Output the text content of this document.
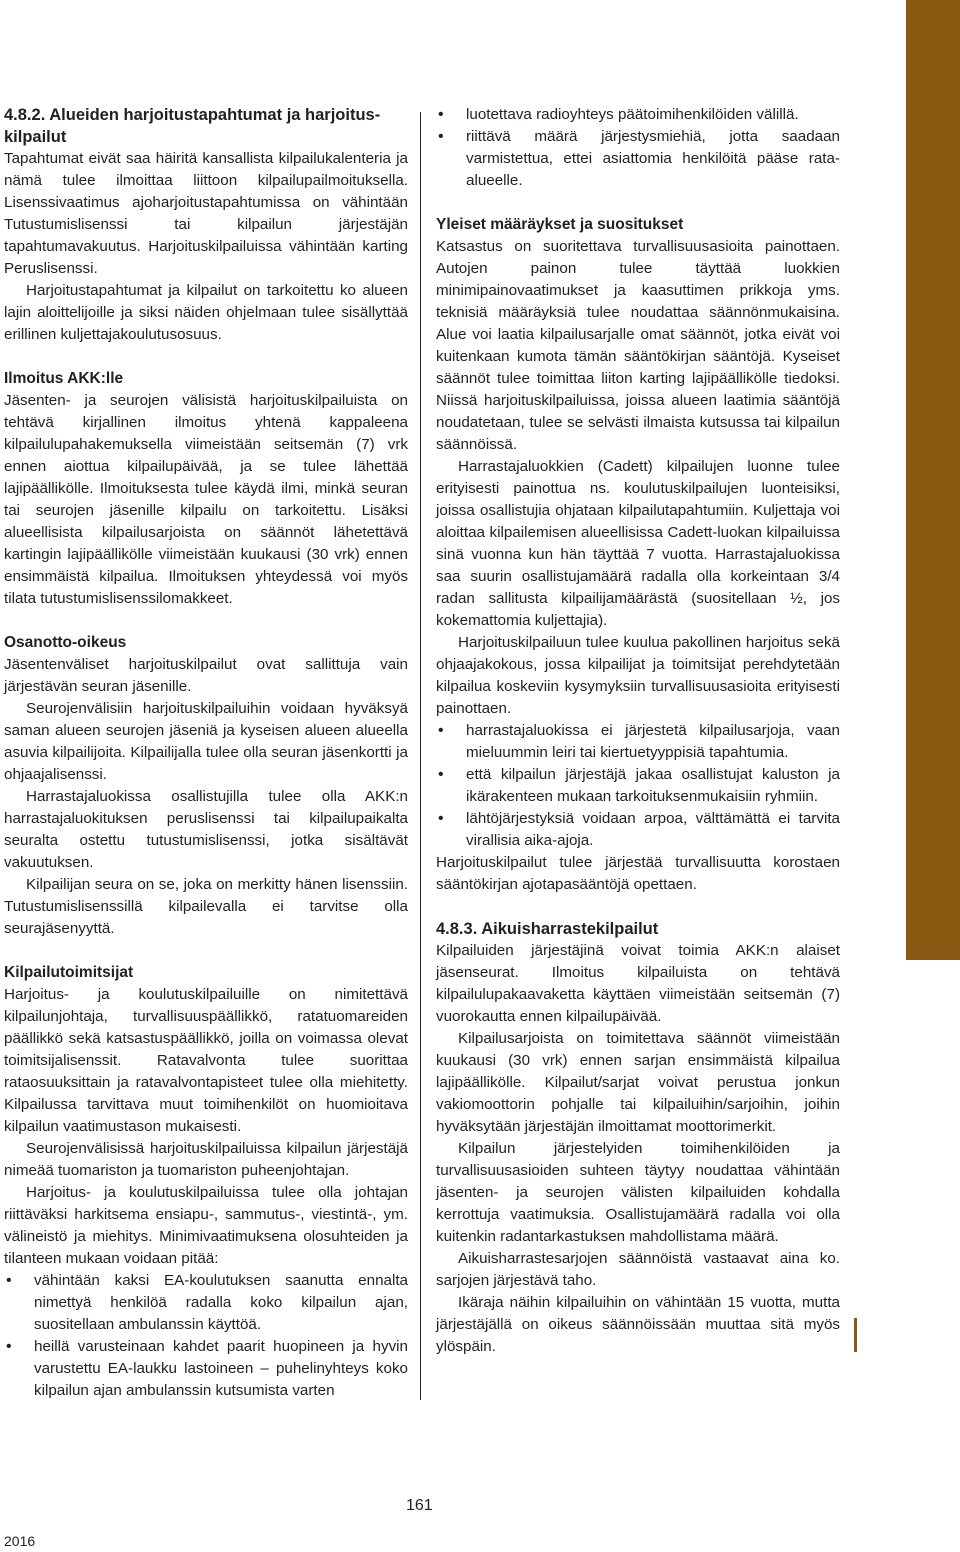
4.8.2. Alueiden harjoitustapahtumat ja harjoitus-kilpailut

Tapahtumat eivät saa häiritä kansallista kilpailukalenteria ja nämä tulee ilmoittaa liittoon kilpailupailmoituksella. Lisenssivaatimus ajoharjoitustapahtumissa on vähintään Tutustumislisenssi tai kilpailun järjestäjän tapahtumavakuutus. Harjoituskilpailuissa vähintään karting Peruslisenssi.

Harjoitustapahtumat ja kilpailut on tarkoitettu ko alueen lajin aloittelijoille ja siksi näiden ohjelmaan tulee sisällyttää erillinen kuljettajakoulutusosuus.

Ilmoitus AKK:lle

Jäsenten- ja seurojen välisistä harjoituskilpailuista on tehtävä kirjallinen ilmoitus yhtenä kappaleena kilpailulupahakemuksella viimeistään seitsemän (7) vrk ennen aiottua kilpailupäivää, ja se tulee lähettää lajipäällikölle. Ilmoituksesta tulee käydä ilmi, minkä seuran tai seurojen jäsenille kilpailu on tarkoitettu. Lisäksi alueellisista kilpailusarjoista on säännöt lähetettävä kartingin lajipäällikölle viimeistään kuukausi (30 vrk) ennen ensimmäistä kilpailua. Ilmoituksen yhteydessä voi myös tilata tutustumislisenssilomakkeet.

Osanotto-oikeus

Jäsentenväliset harjoituskilpailut ovat sallittuja vain järjestävän seuran jäsenille.

Seurojenvälisiin harjoituskilpailuihin voidaan hyväksyä saman alueen seurojen jäseniä ja kyseisen alueen alueella asuvia kilpailijoita. Kilpailijalla tulee olla seuran jäsenkortti ja ohjaajalisenssi.

Harrastajaluokissa osallistujilla tulee olla AKK:n harrastajaluokituksen peruslisenssi tai kilpailupaikalta seuralta ostettu tutustumislisenssi, jotka sisältävät vakuutuksen.

Kilpailijan seura on se, joka on merkitty hänen lisenssiin. Tutustumislisenssillä kilpailevalla ei tarvitse olla seurajäsenyyttä.

Kilpailutoimitsijat

Harjoitus- ja koulutuskilpailuille on nimitettävä kilpailunjohtaja, turvallisuuspäällikkö, ratatuomareiden päällikkö sekä katsastuspäällikkö, joilla on voimassa olevat toimitsijalisenssit. Ratavalvonta tulee suorittaa rataosuuksittain ja ratavalvontapisteet tulee olla miehitetty. Kilpailussa tarvittava muut toimihenkilöt on huomioitava kilpailun vaatimustason mukaisesti.

Seurojenvälisissä harjoituskilpailuissa kilpailun järjestäjä nimeää tuomariston ja tuomariston puheenjohtajan.

Harjoitus- ja koulutuskilpailuissa tulee olla johtajan riittäväksi harkitsema ensiapu-, sammutus-, viestintä-, ym. välineistö ja miehitys. Minimivaatimuksena olosuhteiden ja tilanteen mukaan voidaan pitää:

• vähintään kaksi EA-koulutuksen saanutta ennalta nimettyä henkilöä radalla koko kilpailun ajan, suositellaan ambulanssin käyttöä.
• heillä varusteinaan kahdet paarit huopineen ja hyvin varustettu EA-laukku lastoineen – puhelinyhteys koko kilpailun ajan ambulanssin kutsumista varten
• luotettava radioyhteys päätoimihenkilöiden välillä.
• riittävä määrä järjestysmiehiä, jotta saadaan varmistettua, ettei asiattomia henkilöitä pääse rata-alueelle.
Yleiset määräykset ja suositukset

Katsastus on suoritettava turvallisuusasioita painottaen. Autojen painon tulee täyttää luokkien minimipainovaatimukset ja kaasuttimen prikkoja yms. teknisiä määräyksiä tulee noudattaa säännönmukaisina. Alue voi laatia kilpailusarjalle omat säännöt, jotka eivät voi kuitenkaan kumota tämän sääntökirjan sääntöjä. Kyseiset säännöt tulee toimittaa liiton karting lajipäällikölle tiedoksi. Niissä harjoituskilpailuissa, joissa alueen laatimia sääntöjä noudatetaan, tulee se selvästi ilmaista kutsussa tai kilpailun säännöissä.

Harrastajaluokkien (Cadett) kilpailujen luonne tulee erityisesti painottua ns. koulutuskilpailujen luonteisiksi, joissa osallistujia ohjataan kilpailutapahtumiin. Kuljettaja voi aloittaa kilpailemisen alueellisissa Cadett-luokan kilpailuissa sinä vuonna kun hän täyttää 7 vuotta. Harrastajaluokissa saa suurin osallistujamäärä radalla olla korkeintaan 3/4 radan sallitusta kilpailijamäärästä (suositellaan ½, jos kokemattomia kuljettajia).

Harjoituskilpailuun tulee kuulua pakollinen harjoitus sekä ohjaajakokous, jossa kilpailijat ja toimitsijat perehdytetään kilpailua koskeviin kysymyksiin turvallisuusasioita erityisesti painottaen.

• harrastajaluokissa ei järjestetä kilpailusarjoja, vaan mieluummin leiri tai kiertuetyyppisiä tapahtumia.
• että kilpailun järjestäjä jakaa osallistujat kaluston ja ikärakenteen mukaan tarkoituksenmukaisiin ryhmiin.
• lähtöjärjestyksiä voidaan arpoa, välttämättä ei tarvita virallisia aika-ajoja.

Harjoituskilpailut tulee järjestää turvallisuutta korostaen sääntökirjan ajotapasääntöjä opettaen.

4.8.3. Aikuisharrastekilpailut

Kilpailuiden järjestäjinä voivat toimia AKK:n alaiset jäsenseurat. Ilmoitus kilpailuista on tehtävä kilpailulupakaavaketta käyttäen viimeistään seitsemän (7) vuorokautta ennen kilpailupäivää.

Kilpailusarjoista on toimitettava säännöt viimeistään kuukausi (30 vrk) ennen sarjan ensimmäistä kilpailua lajipäällikölle. Kilpailut/sarjat voivat perustua jonkun vakiomoottorin pohjalle tai kilpailuihin/sarjoihin, joihin hyväksytään järjestäjän ilmoittamat moottorimerkit.

Kilpailun järjestelyiden toimihenkilöiden ja turvallisuusasioiden suhteen täytyy noudattaa vähintään jäsenten- ja seurojen välisten kilpailuiden kohdalla kerrottuja vaatimuksia. Osallistujamäärä radalla voi olla kuitenkin radantarkastuksen mahdollistama määrä.

Aikuisharrastesarjojen säännöistä vastaavat aina ko. sarjojen järjestävä taho.

Ikäraja näihin kilpailuihin on vähintään 15 vuotta, mutta järjestäjällä on oikeus säännöissään muuttaa sitä myös ylöspäin.

161
2016
